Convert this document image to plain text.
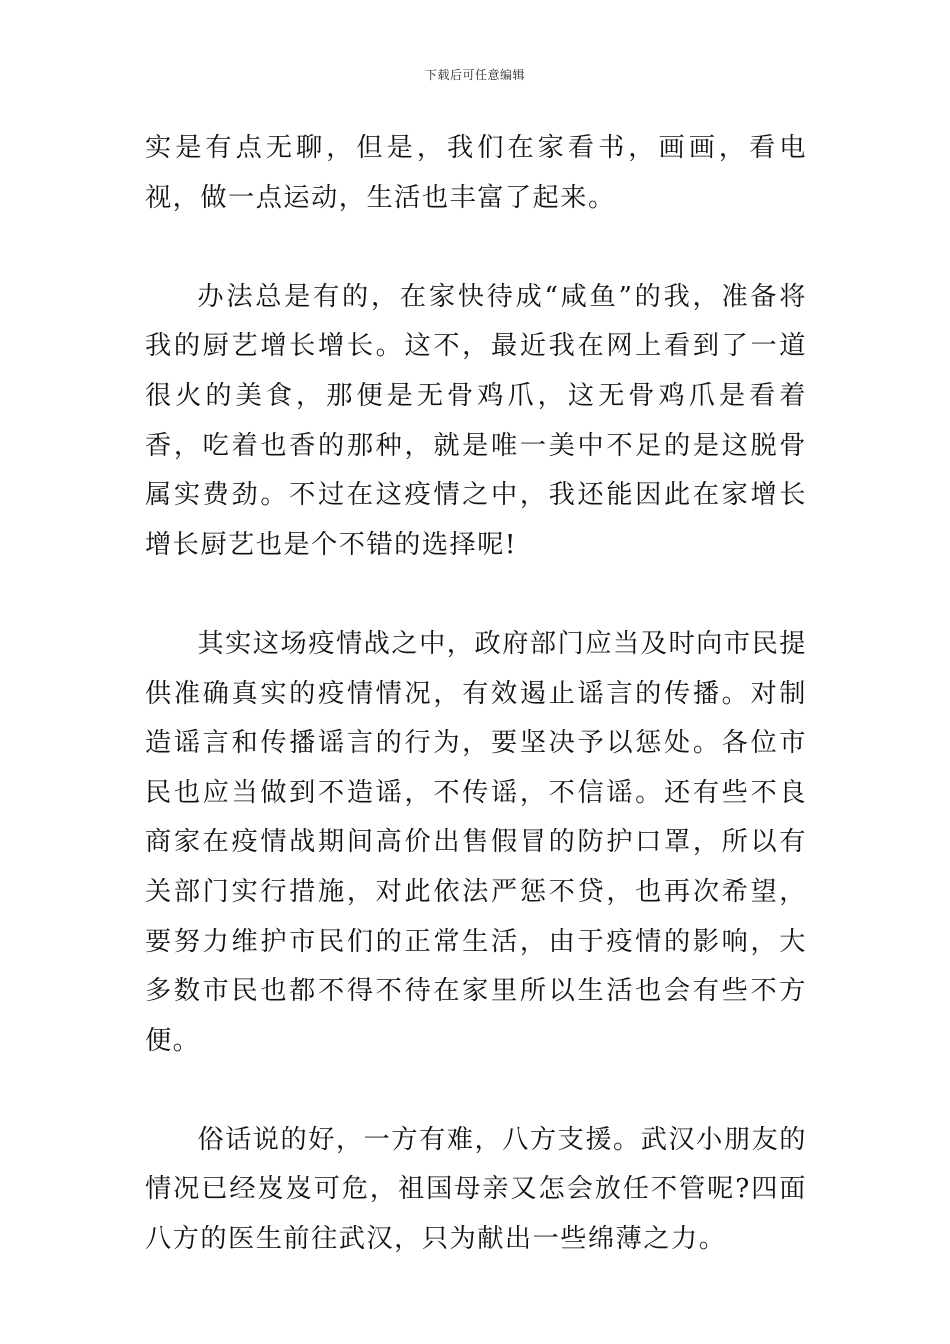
下载后可任意编辑

实是有点无聊，但是，我们在家看书，画画，看电视，做一点运动，生活也丰富了起来。

办法总是有的，在家快待成“咸鱼”的我，准备将我的厨艺增长增长。这不，最近我在网上看到了一道很火的美食，那便是无骨鸡爪，这无骨鸡爪是看着香，吃着也香的那种，就是唯一美中不足的是这脱骨属实费劲。不过在这疫情之中，我还能因此在家增长增长厨艺也是个不错的选择呢!

其实这场疫情战之中，政府部门应当及时向市民提供准确真实的疫情情况，有效遏止谣言的传播。对制造谣言和传播谣言的行为，要坚决予以惩处。各位市民也应当做到不造谣，不传谣，不信谣。还有些不良商家在疫情战期间高价出售假冒的防护口罩，所以有关部门实行措施，对此依法严惩不贷，也再次希望，要努力维护市民们的正常生活，由于疫情的影响，大多数市民也都不得不待在家里所以生活也会有些不方便。

俗话说的好，一方有难，八方支援。武汉小朋友的情况已经岌岌可危，祖国母亲又怎会放任不管呢?四面八方的医生前往武汉，只为献出一些绵薄之力。
